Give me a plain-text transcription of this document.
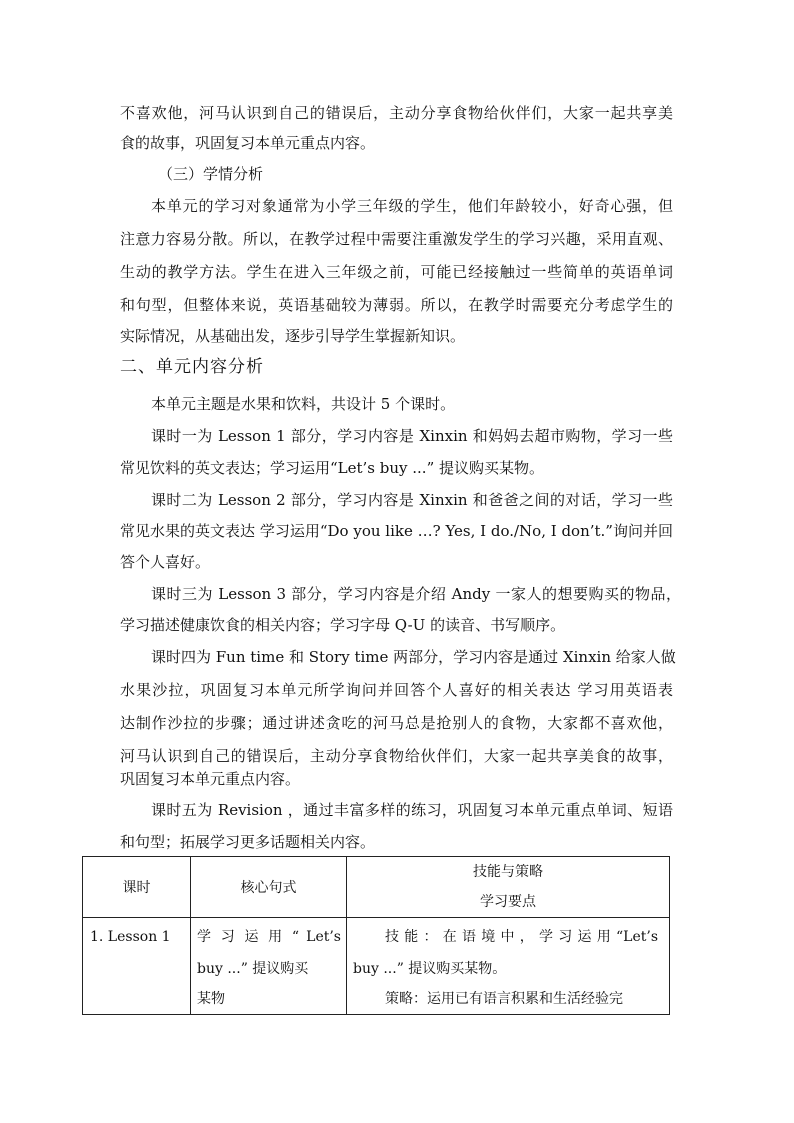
不喜欢他，河马认识到自己的错误后，主动分享食物给伙伴们，大家一起共享美
食的故事，巩固复习本单元重点内容。
（三）学情分析
本单元的学习对象通常为小学三年级的学生，他们年龄较小，好奇心强，但
注意力容易分散。所以，在教学过程中需要注重激发学生的学习兴趣，采用直观、
生动的教学方法。学生在进入三年级之前，可能已经接触过一些简单的英语单词
和句型，但整体来说，英语基础较为薄弱。所以，在教学时需要充分考虑学生的
实际情况，从基础出发，逐步引导学生掌握新知识。
二、单元内容分析
本单元主题是水果和饮料，共设计 5 个课时。
课时一为 Lesson 1 部分，学习内容是 Xinxin 和妈妈去超市购物，学习一些
常见饮料的英文表达；学习运用“Let’s buy ...” 提议购买某物。
课时二为 Lesson 2 部分，学习内容是 Xinxin 和爸爸之间的对话，学习一些
常见水果的英文表达 学习运用“Do you like …? Yes, I do./No, I don’t.”询问并回
答个人喜好。
课时三为 Lesson 3 部分，学习内容是介绍 Andy 一家人的想要购买的物品，
学习描述健康饮食的相关内容；学习字母 Q-U 的读音、书写顺序。
课时四为 Fun time 和 Story time 两部分，学习内容是通过 Xinxin 给家人做
水果沙拉，巩固复习本单元所学询问并回答个人喜好的相关表达 学习用英语表
达制作沙拉的步骤；通过讲述贪吃的河马总是抢别人的食物，大家都不喜欢他，
河马认识到自己的错误后，主动分享食物给伙伴们，大家一起共享美食的故事，
巩固复习本单元重点内容。
课时五为 Revision ，通过丰富多样的练习，巩固复习本单元重点单词、短语
和句型；拓展学习更多话题相关内容。
课时	核心句式	技能与策略
学习要点

1. Lesson 1	学 习 运 用 “ Let’s
buy ...” 提议购买
某物	技能：在语境中，学习运用“Let’s
buy ...” 提议购买某物。
策略：运用已有语言积累和生活经验完
